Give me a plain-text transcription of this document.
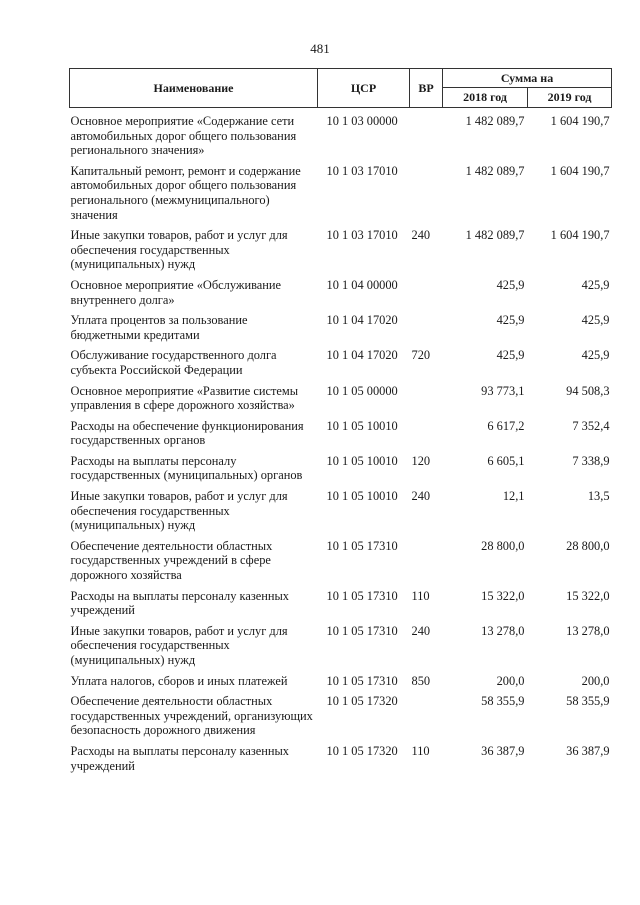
481
Наименование	ЦСР	ВР	Сумма на	
			2018 год	2019 год
Основное мероприятие «Содержание сети автомобильных дорог общего пользования регионального значения»	10 1 03 00000		1 482 089,7	1 604 190,7
Капитальный ремонт, ремонт и содержание автомобильных дорог общего пользования регионального (межмуниципального) значения	10 1 03 17010		1 482 089,7	1 604 190,7
Иные закупки товаров, работ и услуг для обеспечения государственных (муниципальных) нужд	10 1 03 17010	240	1 482 089,7	1 604 190,7
Основное мероприятие «Обслуживание внутреннего долга»	10 1 04 00000		425,9	425,9
Уплата процентов за пользование бюджетными кредитами	10 1 04 17020		425,9	425,9
Обслуживание государственного долга субъекта Российской Федерации	10 1 04 17020	720	425,9	425,9
Основное мероприятие «Развитие системы управления в сфере дорожного хозяйства»	10 1 05 00000		93 773,1	94 508,3
Расходы на обеспечение функционирования государственных органов	10 1 05 10010		6 617,2	7 352,4
Расходы на выплаты персоналу государственных (муниципальных) органов	10 1 05 10010	120	6 605,1	7 338,9
Иные закупки товаров, работ и услуг для обеспечения государственных (муниципальных) нужд	10 1 05 10010	240	12,1	13,5
Обеспечение деятельности областных государственных учреждений в сфере дорожного хозяйства	10 1 05 17310		28 800,0	28 800,0
Расходы на выплаты персоналу казенных учреждений	10 1 05 17310	110	15 322,0	15 322,0
Иные закупки товаров, работ и услуг для обеспечения государственных (муниципальных) нужд	10 1 05 17310	240	13 278,0	13 278,0
Уплата налогов, сборов и иных платежей	10 1 05 17310	850	200,0	200,0
Обеспечение деятельности областных государственных учреждений, организующих безопасность дорожного движения	10 1 05 17320		58 355,9	58 355,9
Расходы на выплаты персоналу казенных учреждений	10 1 05 17320	110	36 387,9	36 387,9
